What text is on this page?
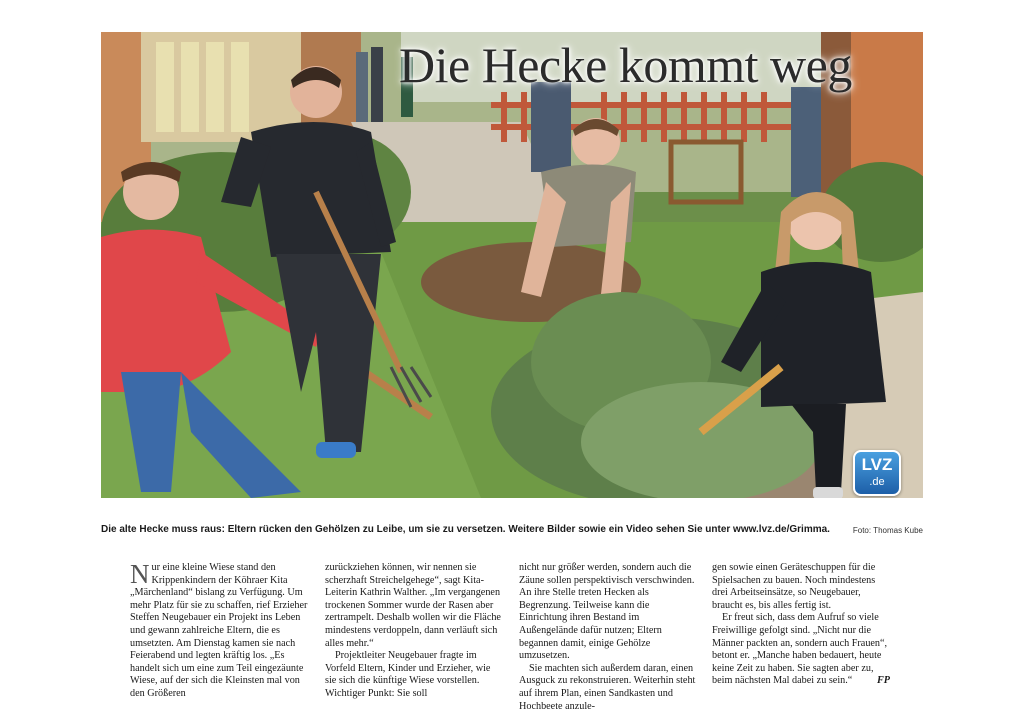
Die Hecke kommt weg
LVZ
.de
Die alte Hecke muss raus: Eltern rücken den Gehölzen zu Leibe, um sie zu versetzen. Weitere Bilder sowie ein Video sehen Sie unter www.lvz.de/Grimma.	Foto: Thomas Kube

N ur eine kleine Wiese stand den Krippenkindern der Köhraer Kita „Märchenland“ bislang zu Verfügung. Um mehr Platz für sie zu schaffen, rief Erzieher Steffen Neugebauer ein Projekt ins Leben und gewann zahlreiche Eltern, die es umsetzten. Am Dienstag kamen sie nach Feierabend und legten kräftig los. „Es handelt sich um eine zum Teil eingezäunte Wiese, auf der sich die Kleinsten mal von den Größeren

zurückziehen können, wir nennen sie scherzhaft Streichelgehege“, sagt Kita-Leiterin Kathrin Walther. „Im vergangenen trockenen Sommer wurde der Rasen aber zertrampelt. Deshalb wollen wir die Fläche mindestens verdoppeln, dann verläuft sich alles mehr.“

Projektleiter Neugebauer fragte im Vorfeld Eltern, Kinder und Erzieher, wie sie sich die künftige Wiese vorstellen. Wichtiger Punkt: Sie soll

nicht nur größer werden, sondern auch die Zäune sollen perspektivisch verschwinden. An ihre Stelle treten Hecken als Begrenzung. Teilweise kann die Einrichtung ihren Bestand im Außengelände dafür nutzen; Eltern begannen damit, einige Gehölze umzusetzen.

Sie machten sich außerdem daran, einen Ausguck zu rekonstruieren. Weiterhin steht auf ihrem Plan, einen Sandkasten und Hochbeete anzule-

gen sowie einen Geräteschuppen für die Spielsachen zu bauen. Noch mindestens drei Arbeitseinsätze, so Neugebauer, braucht es, bis alles fertig ist.

Er freut sich, dass dem Aufruf so viele Freiwillige gefolgt sind. „Nicht nur die Männer packten an, sondern auch Frauen“, betont er. „Manche haben bedauert, heute keine Zeit zu haben. Sie sagten aber zu, beim nächsten Mal dabei zu sein.“	FP
